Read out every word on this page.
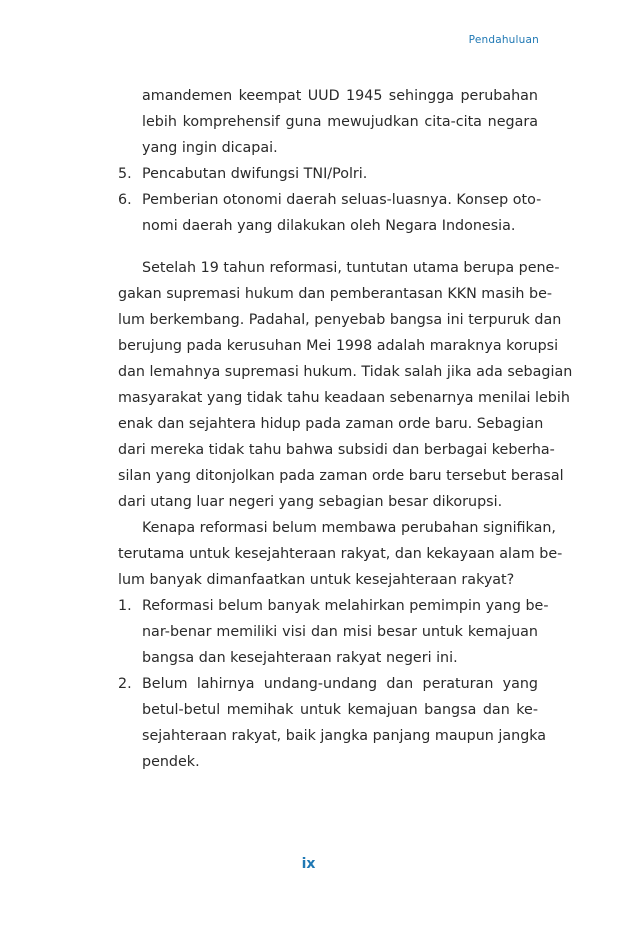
Pendahuluan
amandemen keempat UUD 1945 sehingga perubahan
lebih komprehensif guna mewujudkan cita-cita negara
yang ingin dicapai.
5. Pencabutan dwifungsi TNI/Polri.
6. Pemberian otonomi daerah seluas-luasnya. Konsep oto-
nomi daerah yang dilakukan oleh Negara Indonesia.
Setelah 19 tahun reformasi, tuntutan utama berupa pene-
gakan supremasi hukum dan pemberantasan KKN masih be-
lum berkembang. Padahal, penyebab bangsa ini terpuruk dan
berujung pada kerusuhan Mei 1998 adalah maraknya korupsi
dan lemahnya supremasi hukum. Tidak salah jika ada sebagian
masyarakat yang tidak tahu keadaan sebenarnya menilai lebih
enak dan sejahtera hidup pada zaman orde baru. Sebagian
dari mereka tidak tahu bahwa subsidi dan berbagai keberha-
silan yang ditonjolkan pada zaman orde baru tersebut berasal
dari utang luar negeri yang sebagian besar dikorupsi.
Kenapa reformasi belum membawa perubahan signifikan,
terutama untuk kesejahteraan rakyat, dan kekayaan alam be-
lum banyak dimanfaatkan untuk kesejahteraan rakyat?
1. Reformasi belum banyak melahirkan pemimpin yang be-
nar-benar memiliki visi dan misi besar untuk kemajuan
bangsa dan kesejahteraan rakyat negeri ini.
2. Belum lahirnya undang-undang dan peraturan yang
betul-betul memihak untuk kemajuan bangsa dan ke-
sejahteraan rakyat, baik jangka panjang maupun jangka
pendek.
ix
